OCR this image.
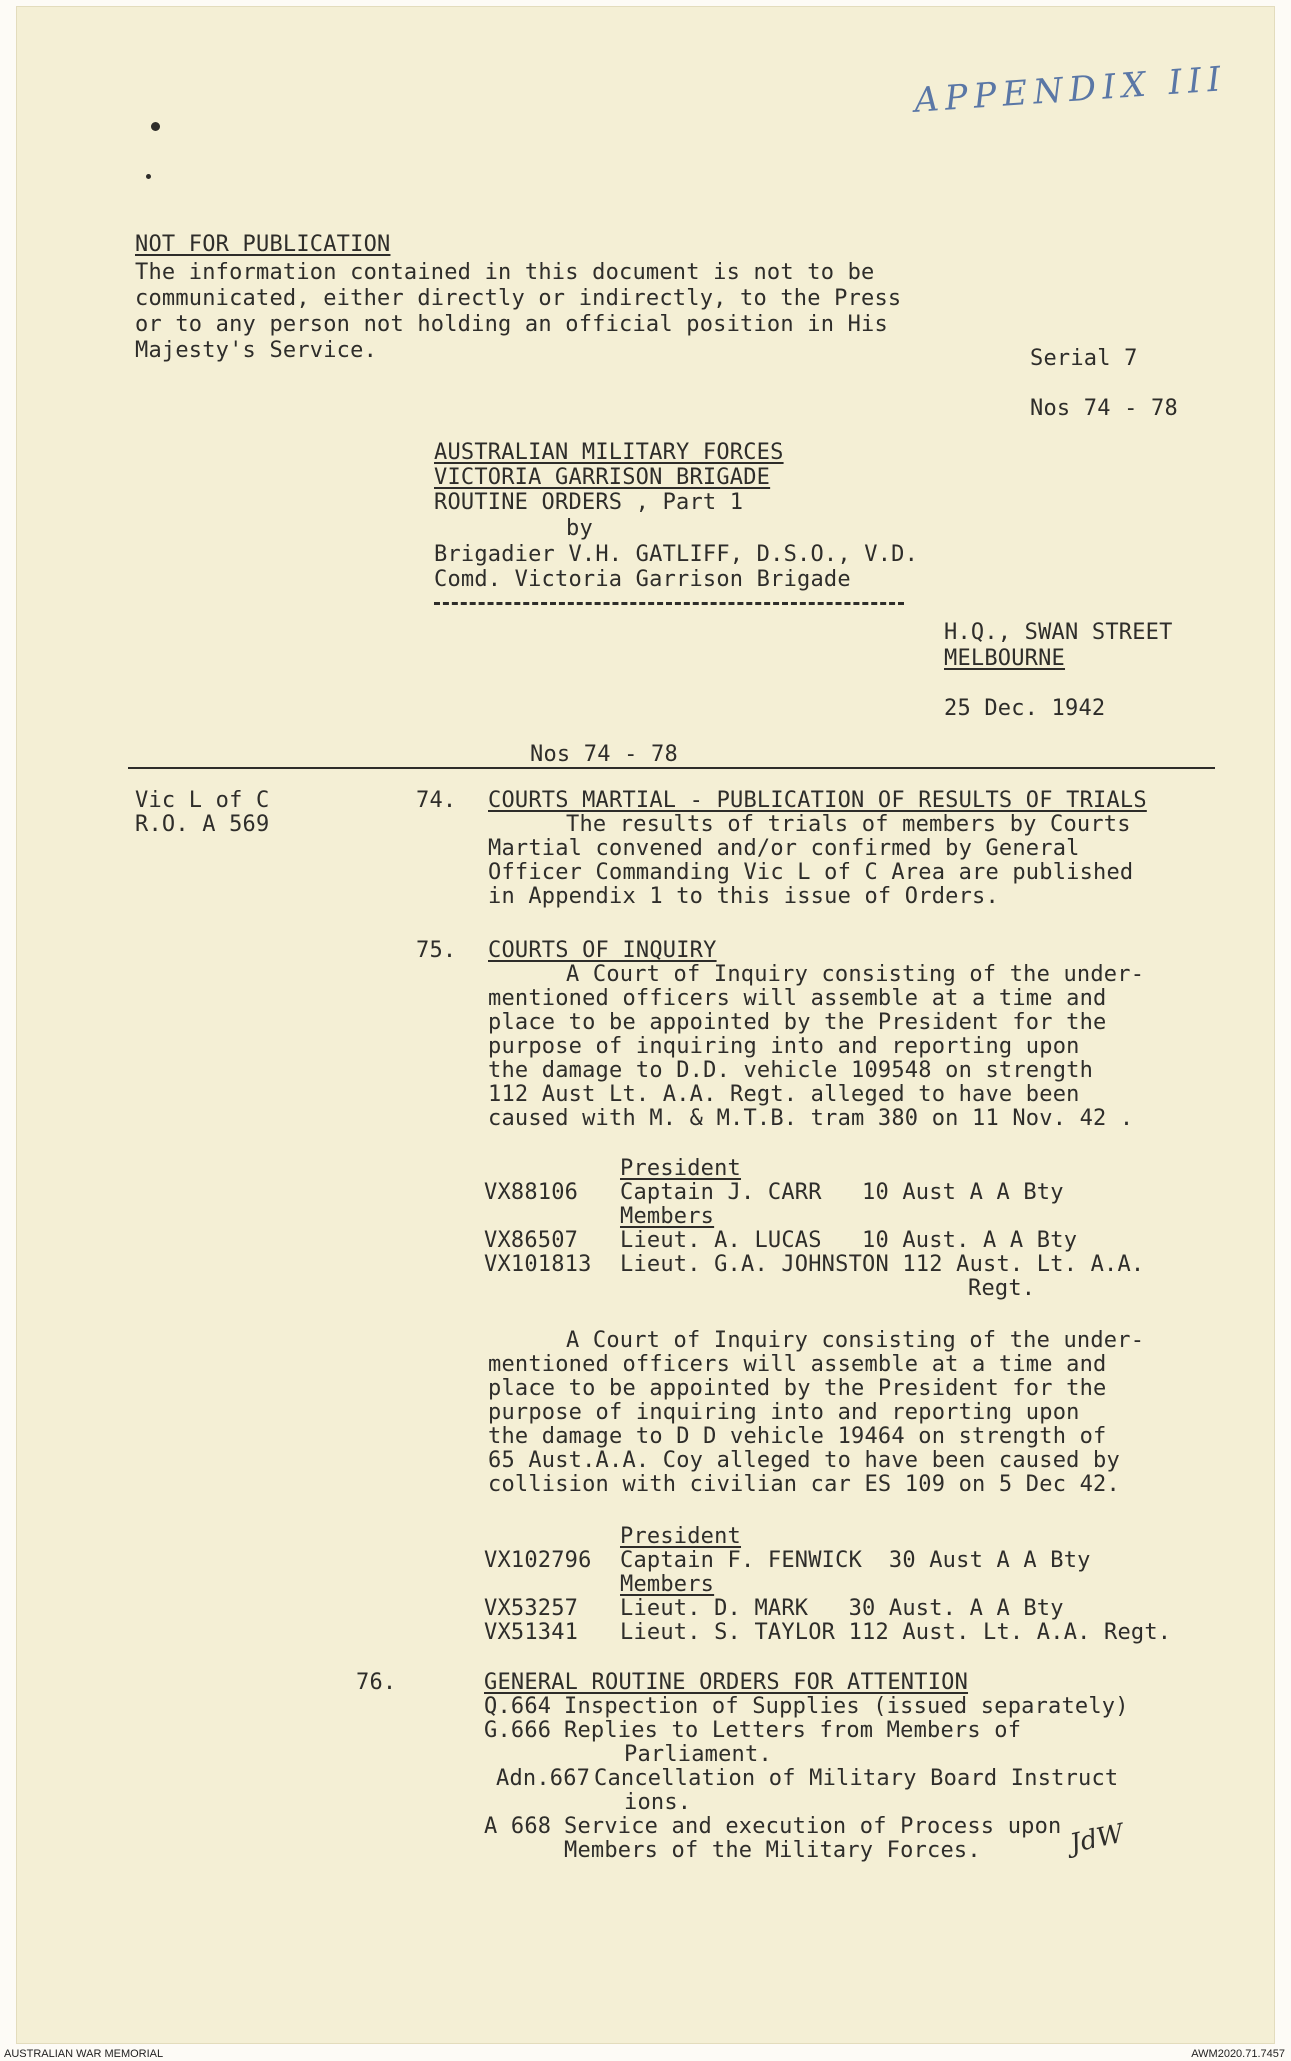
APPENDIX III
NOT FOR PUBLICATION
The information contained in this document is not to be
communicated, either directly or indirectly, to the Press
or to any person not holding an official position in His
Majesty's Service.	Serial 7
Nos 74 - 78
AUSTRALIAN MILITARY FORCES
VICTORIA GARRISON BRIGADE
ROUTINE ORDERS , Part 1
by
Brigadier V.H. GATLIFF, D.S.O., V.D.
Comd. Victoria Garrison Brigade
H.Q., SWAN STREET
MELBOURNE
25 Dec. 1942
Nos 74 - 78
Vic L of C
R.O. A 569
74. COURTS MARTIAL - PUBLICATION OF RESULTS OF TRIALS
The results of trials of members by Courts
Martial convened and/or confirmed by General
Officer Commanding Vic L of C Area are published
in Appendix 1 to this issue of Orders.
75. COURTS OF INQUIRY
A Court of Inquiry consisting of the under-
mentioned officers will assemble at a time and
place to be appointed by the President for the
purpose of inquiring into and reporting upon
the damage to D.D. vehicle 109548 on strength
112 Aust Lt. A.A. Regt. alleged to have been
caused with M. & M.T.B. tram 380 on 11 Nov. 42 .
President
VX88106 Captain J. CARR   10 Aust A A Bty
Members
VX86507 Lieut. A. LUCAS   10 Aust. A A Bty
VX101813 Lieut. G.A. JOHNSTON 112 Aust. Lt. A.A.
Regt.
A Court of Inquiry consisting of the under-
mentioned officers will assemble at a time and
place to be appointed by the President for the
purpose of inquiring into and reporting upon
the damage to D D vehicle 19464 on strength of
65 Aust.A.A. Coy alleged to have been caused by
collision with civilian car ES 109 on 5 Dec 42.
President
VX102796 Captain F. FENWICK  30 Aust A A Bty
Members
VX53257 Lieut. D. MARK   30 Aust. A A Bty
VX51341 Lieut. S. TAYLOR 112 Aust. Lt. A.A. Regt.
76.	GENERAL ROUTINE ORDERS FOR ATTENTION
Q.664 Inspection of Supplies (issued separately)
G.666 Replies to Letters from Members of
Parliament.
Adn.667 Cancellation of Military Board Instruct
ions.
A 668 Service and execution of Process upon
Members of the Military Forces.	JdW
AUSTRALIAN WAR MEMORIAL	AWM2020.71.7457
